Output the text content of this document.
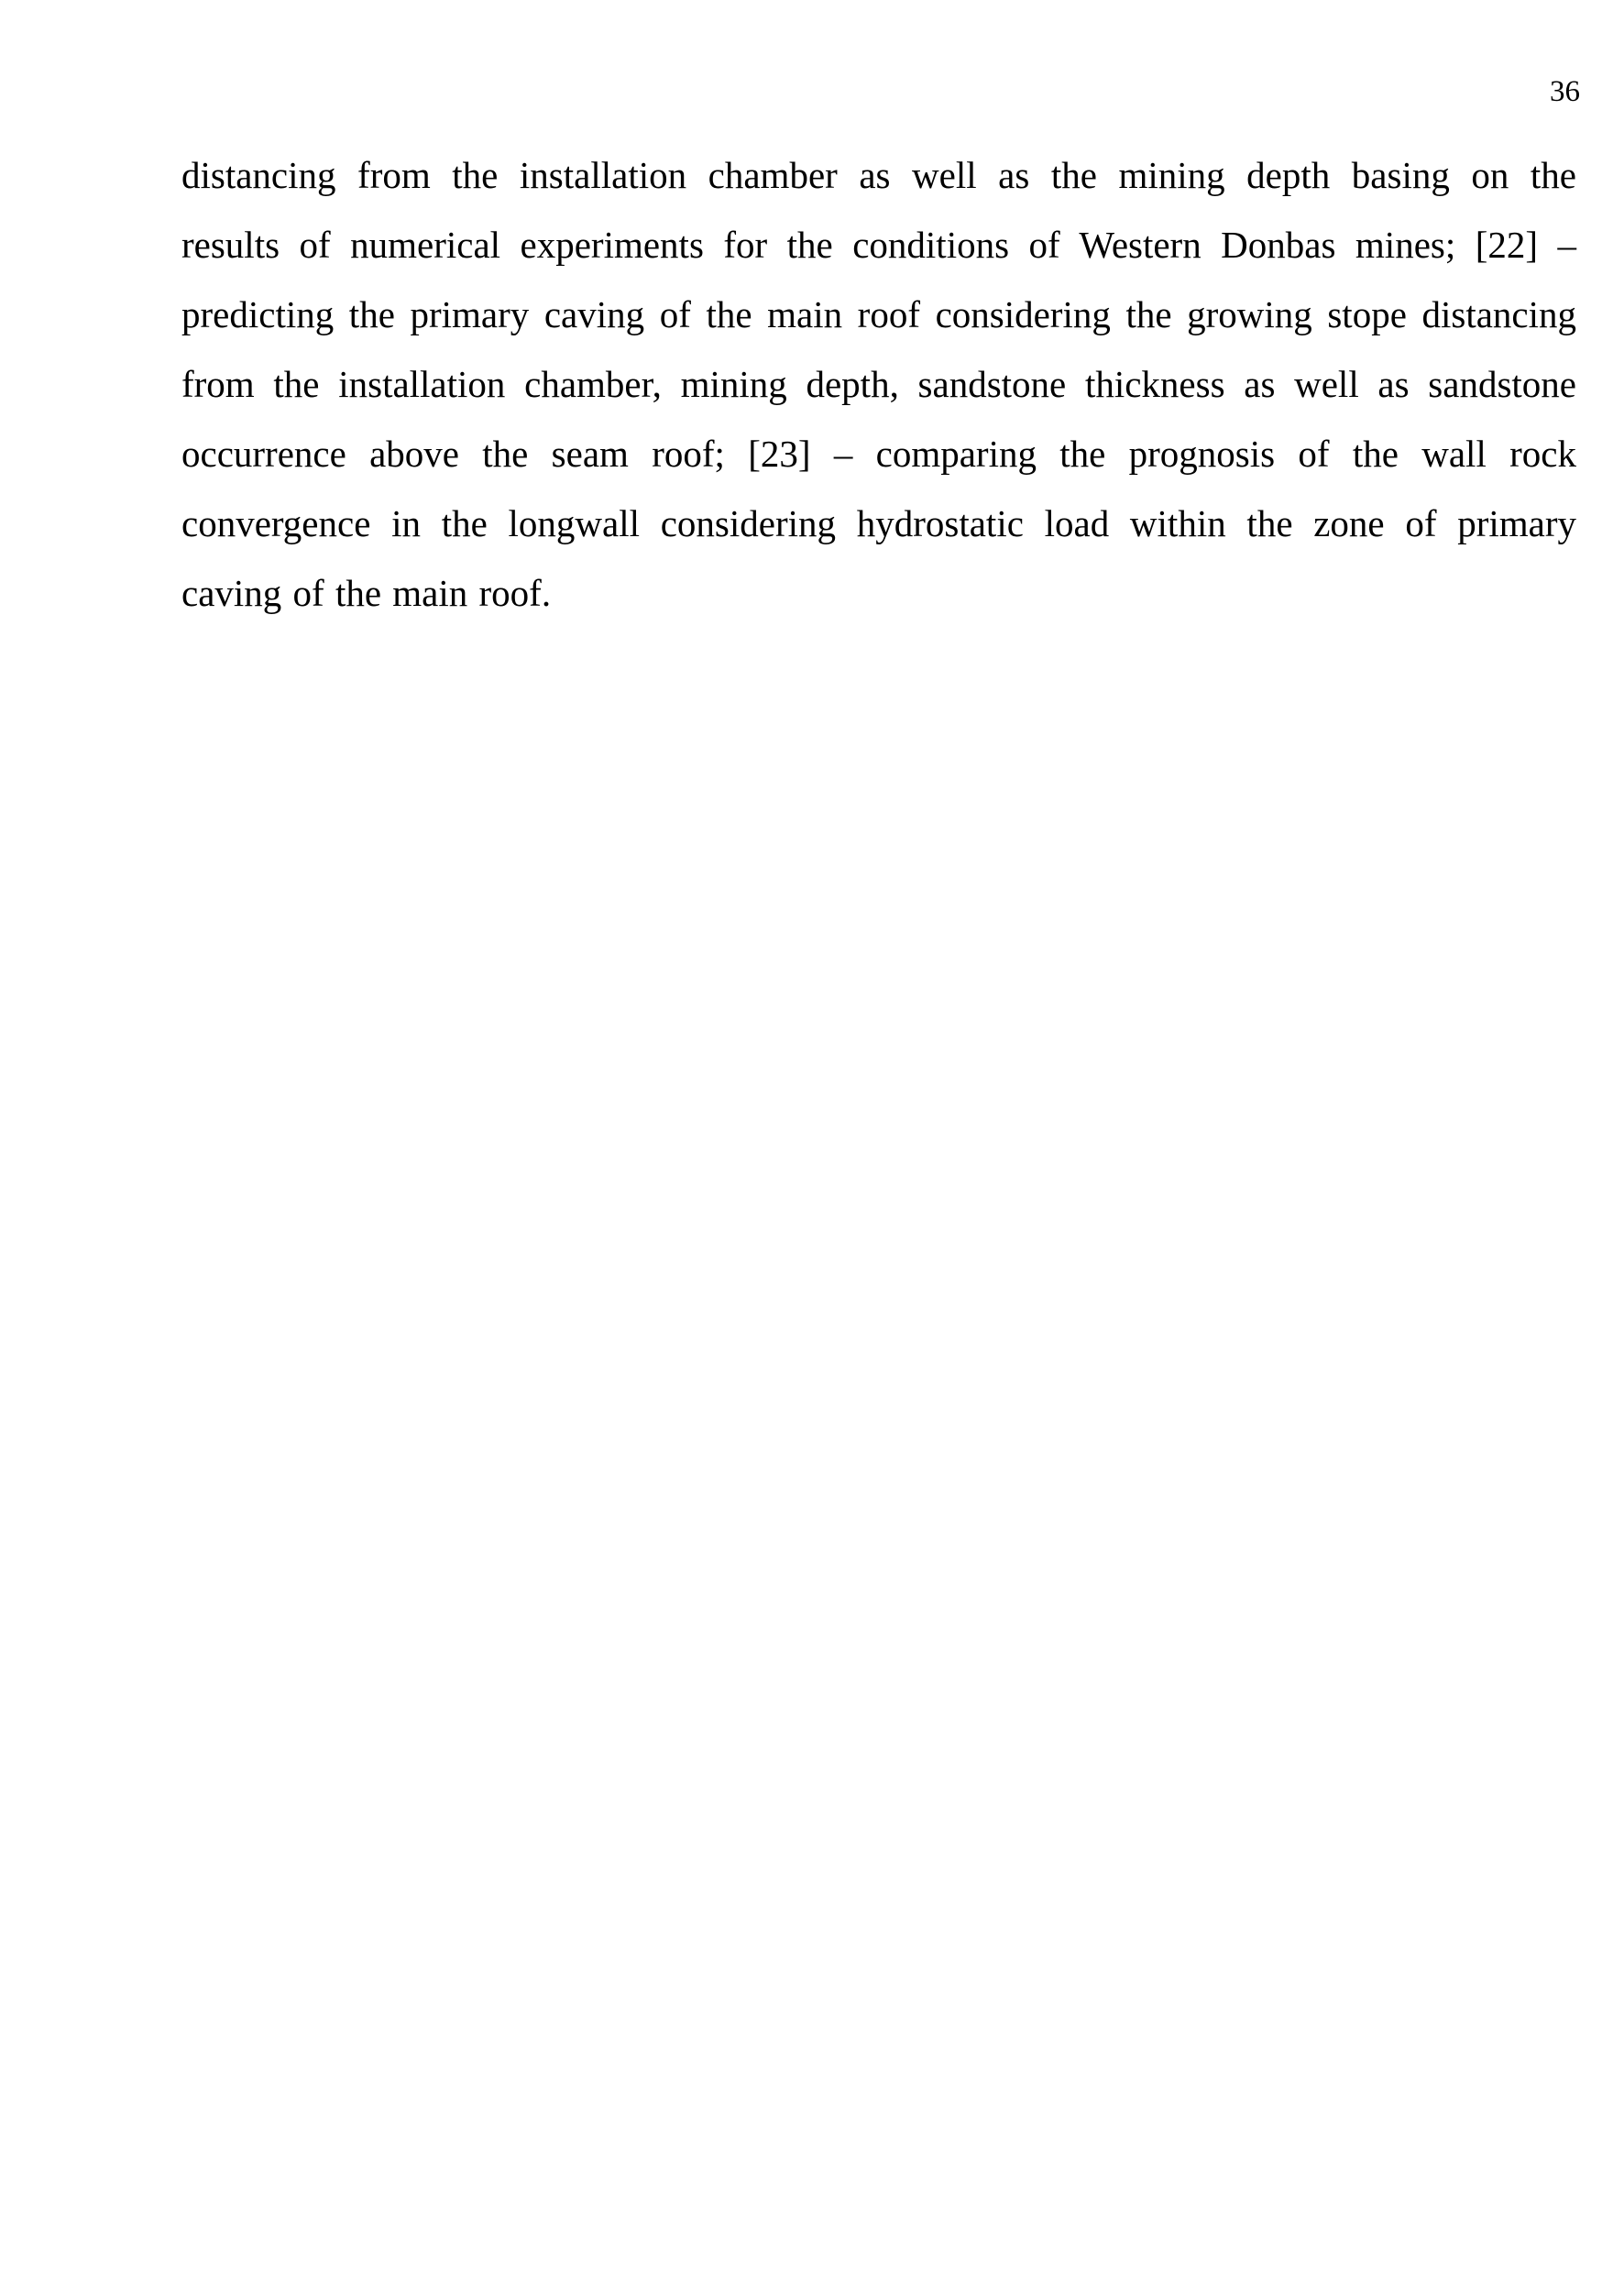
36

distancing from the installation chamber as well as the mining depth basing on the
results of numerical experiments for the conditions of Western Donbas mines; [22] –
predicting the primary caving of the main roof considering the growing stope distancing
from the installation chamber, mining depth, sandstone thickness as well as sandstone
occurrence above the seam roof; [23] – comparing the prognosis of the wall rock
convergence in the longwall considering hydrostatic load within the zone of primary
caving of the main roof.
